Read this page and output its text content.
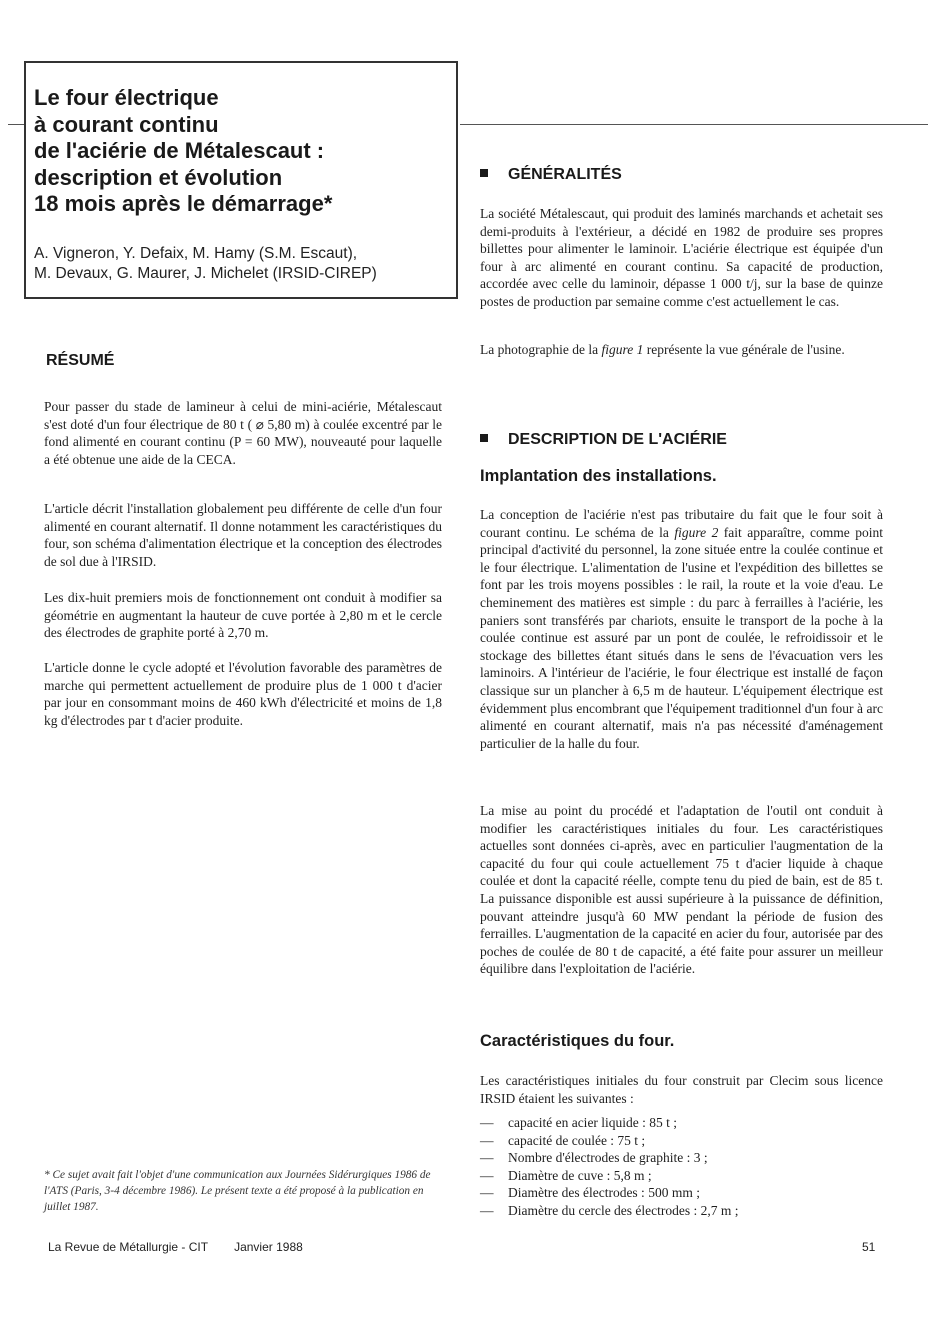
Le four électrique
à courant continu
de l'aciérie de Métalescaut :
description et évolution
18 mois après le démarrage*

A. Vigneron, Y. Defaix, M. Hamy (S.M. Escaut),
M. Devaux, G. Maurer, J. Michelet (IRSID-CIREP)

RÉSUMÉ

Pour passer du stade de lamineur à celui de mini-aciérie, Métalescaut s'est doté d'un four électrique de 80 t ( ⌀ 5,80 m) à coulée excentré par le fond alimenté en courant continu (P = 60 MW), nouveauté pour laquelle a été obtenue une aide de la CECA.

L'article décrit l'installation globalement peu différente de celle d'un four alimenté en courant alternatif. Il donne notamment les caractéristiques du four, son schéma d'alimentation électrique et la conception des électrodes de sol due à l'IRSID.

Les dix-huit premiers mois de fonctionnement ont conduit à modifier sa géométrie en augmentant la hauteur de cuve portée à 2,80 m et le cercle des électrodes de graphite porté à 2,70 m.

L'article donne le cycle adopté et l'évolution favorable des paramètres de marche qui permettent actuellement de produire plus de 1 000 t d'acier par jour en consommant moins de 460 kWh d'électricité et moins de 1,8 kg d'électrodes par t d'acier produite.

* Ce sujet avait fait l'objet d'une communication aux Journées Sidérurgiques 1986 de l'ATS (Paris, 3-4 décembre 1986). Le présent texte a été proposé à la publication en juillet 1987.

GÉNÉRALITÉS

La société Métalescaut, qui produit des laminés marchands et achetait ses demi-produits à l'extérieur, a décidé en 1982 de produire ses propres billettes pour alimenter le laminoir. L'aciérie électrique est équipée d'un four à arc alimenté en courant continu. Sa capacité de production, accordée avec celle du laminoir, dépasse 1 000 t/j, sur la base de quinze postes de production par semaine comme c'est actuellement le cas.

La photographie de la figure 1 représente la vue générale de l'usine.

DESCRIPTION DE L'ACIÉRIE
Implantation des installations.

La conception de l'aciérie n'est pas tributaire du fait que le four soit à courant continu. Le schéma de la figure 2 fait apparaître, comme point principal d'activité du personnel, la zone située entre la coulée continue et le four électrique. L'alimentation de l'usine et l'expédition des billettes se font par les trois moyens possibles : le rail, la route et la voie d'eau. Le cheminement des matières est simple : du parc à ferrailles à l'aciérie, les paniers sont transférés par chariots, ensuite le transport de la poche à la coulée continue est assuré par un pont de coulée, le refroidissoir et le stockage des billettes étant situés dans le sens de l'évacuation vers les laminoirs. A l'intérieur de l'aciérie, le four électrique est installé de façon classique sur un plancher à 6,5 m de hauteur. L'équipement électrique est évidemment plus encombrant que l'équipement traditionnel d'un four à arc alimenté en courant alternatif, mais n'a pas nécessité d'aménagement particulier de la halle du four.

La mise au point du procédé et l'adaptation de l'outil ont conduit à modifier les caractéristiques initiales du four. Les caractéristiques actuelles sont données ci-après, avec en particulier l'augmentation de la capacité du four qui coule actuellement 75 t d'acier liquide à chaque coulée et dont la capacité réelle, compte tenu du pied de bain, est de 85 t. La puissance disponible est aussi supérieure à la puissance de définition, pouvant atteindre jusqu'à 60 MW pendant la période de fusion des ferrailles. L'augmentation de la capacité en acier du four, autorisée par des poches de coulée de 80 t de capacité, a été faite pour assurer un meilleur équilibre dans l'exploitation de l'aciérie.

Caractéristiques du four.

Les caractéristiques initiales du four construit par Clecim sous licence IRSID étaient les suivantes :

— capacité en acier liquide : 85 t ;
— capacité de coulée : 75 t ;
— Nombre d'électrodes de graphite : 3 ;
— Diamètre de cuve : 5,8 m ;
— Diamètre des électrodes : 500 mm ;
— Diamètre du cercle des électrodes : 2,7 m ;

La Revue de Métallurgie - CIT Janvier 1988	51
